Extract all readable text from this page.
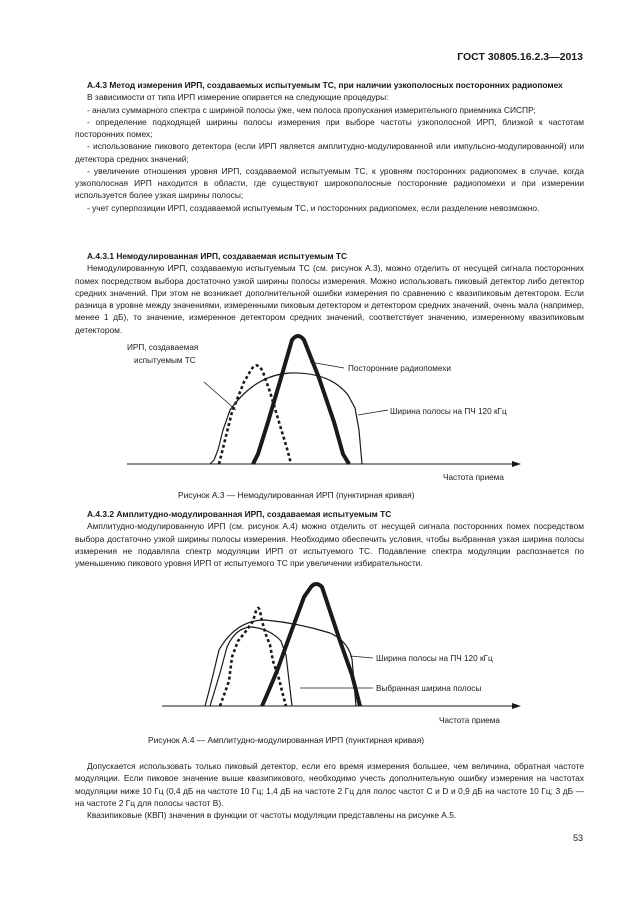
ГОСТ 30805.16.2.3—2013

А.4.3 Метод измерения ИРП, создаваемых испытуемым ТС, при наличии узкополосных посторонних радиопомех

В зависимости от типа ИРП измерение опирается на следующие процедуры:

- анализ суммарного спектра с шириной полосы ýже, чем полоса пропускания измерительного приемника СИСПР;

- определение подходящей ширины полосы измерения при выборе частоты узкополосной ИРП, близкой к частотам посторонних помех;

- использование пикового детектора (если ИРП является амплитудно-модулированной или импульсно-модулированной) или детектора средних значений;

- увеличение отношения уровня ИРП, создаваемой испытуемым ТС, к уровням посторонних радиопомех в случае, когда узкополосная ИРП находится в области, где существуют широкополосные посторонние радиопомехи и при измерении используется более узкая ширины полосы;

- учет суперпозиции ИРП, создаваемой испытуемым ТС, и посторонних радиопомех, если разделение невозможно.

А.4.3.1 Немодулированная ИРП, создаваемая испытуемым ТС

Немодулированную ИРП, создаваемую испытуемым ТС (см. рисунок А.3), можно отделить от несущей сигнала посторонних помех посредством выбора достаточно узкой ширины полосы измерения. Можно использовать пиковый детектор либо детектор средних значений. При этом не возникает дополнительной ошибки измерения по сравнению с квазипиковым детектором. Если разница в уровне между значениями, измеренными пиковым детектором и детектором средних значений, очень мала (например, менее 1 дБ), то значение, измеренное детектором средних значений, соответствует значению, измеренному квазипиковым детектором.

ИРП, создаваемая
испытуемым ТС
Посторонние радиопомехи
Ширина полосы на ПЧ 120 кГц
Частота приема
Рисунок А.3 — Немодулированная ИРП (пунктирная кривая)

А.4.3.2 Амплитудно-модулированная ИРП, создаваемая испытуемым ТС

Амплитудно-модулированную ИРП (см. рисунок А.4) можно отделить от несущей сигнала посторонних помех посредством выбора достаточно узкой ширины полосы измерения. Необходимо обеспечить условия, чтобы выбранная узкая ширина полосы измерения не подавляла спектр модуляции ИРП от испытуемого ТС. Подавление спектра модуляции распознается по уменьшению пикового уровня ИРП от испытуемого ТС при увеличении избирательности.

Ширина полосы на ПЧ 120 кГц
Выбранная ширина полосы
Частота приема
Рисунок А.4 — Амплитудно-модулированная ИРП (пунктирная кривая)

Допускается использовать только пиковый детектор, если его время измерения большее, чем величина, обратная частоте модуляции. Если пиковое значение выше квазипикового, необходимо учесть дополнительную ошибку измерения на частотах модуляции ниже 10 Гц (0,4 дБ на частоте 10 Гц; 1,4 дБ на частоте 2 Гц для полос частот С и D и 0,9 дБ на частоте 10 Гц; 3 дБ — на частоте 2 Гц для полосы частот В).

Квазипиковые (КВП) значения в функции от частоты модуляции представлены на рисунке А.5.

53
